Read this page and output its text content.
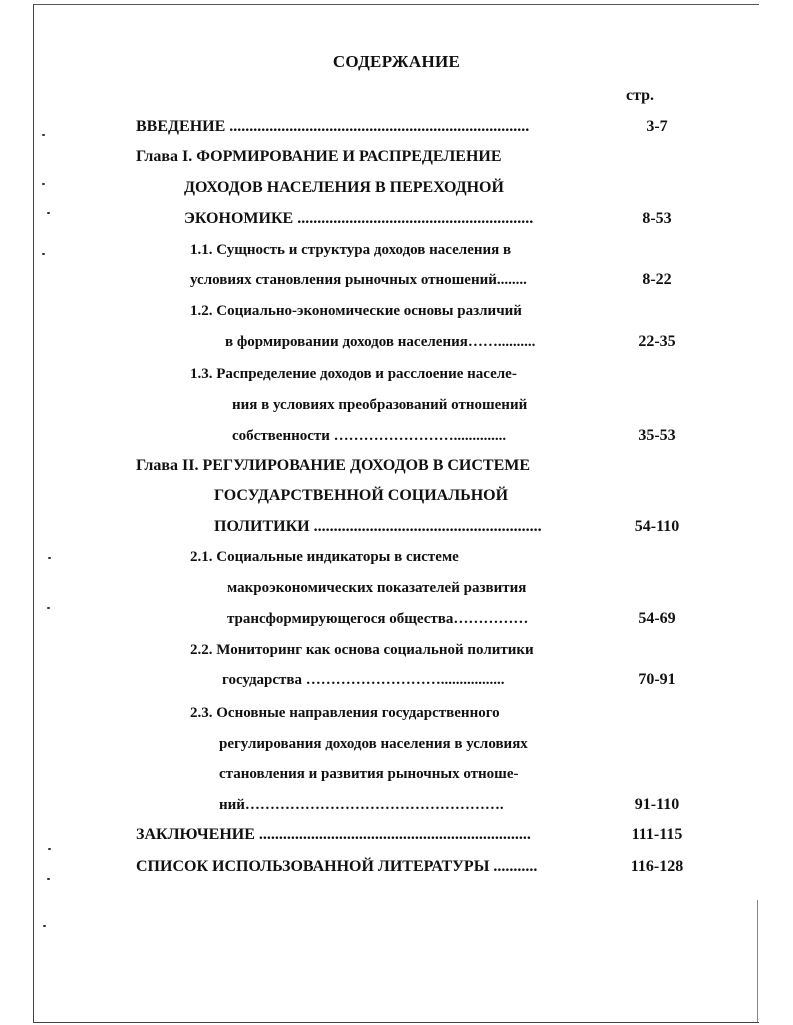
СОДЕРЖАНИЕ
стр.
ВВЕДЕНИЕ ...........................................................................	3-7
Глава I. ФОРМИРОВАНИЕ И РАСПРЕДЕЛЕНИЕ
ДОХОДОВ НАСЕЛЕНИЯ В ПЕРЕХОДНОЙ
ЭКОНОМИКЕ ...........................................................	8-53
1.1. Сущность и структура доходов населения в
условиях становления рыночных отношений........	8-22
1.2. Социально-экономические основы различий
в формировании доходов населения……..........	22-35
1.3. Распределение доходов и расслоение населе-
ния в условиях преобразований отношений
собственности ……………………..............	35-53
Глава II. РЕГУЛИРОВАНИЕ ДОХОДОВ В СИСТЕМЕ
ГОСУДАРСТВЕННОЙ СОЦИАЛЬНОЙ
ПОЛИТИКИ .........................................................	54-110
2.1. Социальные индикаторы в системе
макроэкономических показателей развития
трансформирующегося общества……………	54-69
2.2. Мониторинг как основа социальной политики
государства ……………………….................	70-91
2.3. Основные направления государственного
регулирования доходов населения в условиях
становления и развития рыночных отноше-
ний…………………………………………….	91-110
ЗАКЛЮЧЕНИЕ ....................................................................	111-115
СПИСОК ИСПОЛЬЗОВАННОЙ ЛИТЕРАТУРЫ ...........	116-128
